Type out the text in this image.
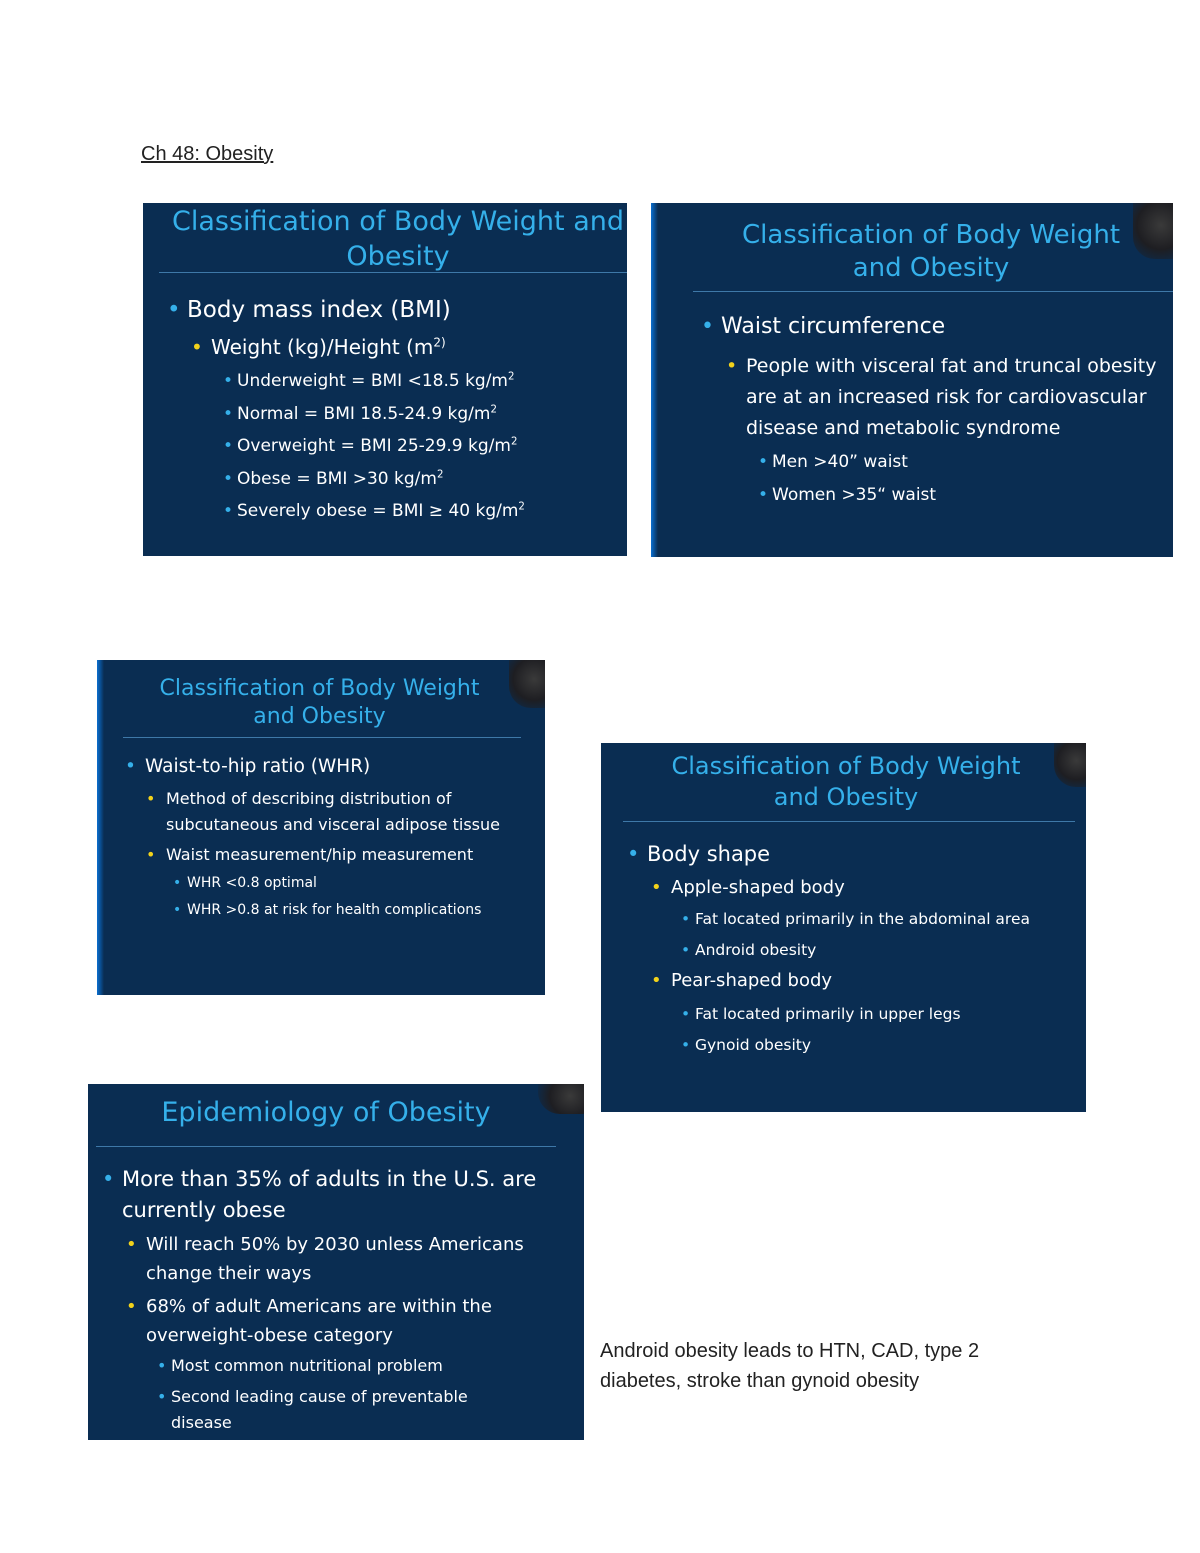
Ch 48: Obesity
Classification of Body Weight and
Obesity
• Body mass index (BMI)
• Weight (kg)/Height ($m^{2)}$
• Underweight = BMI <18.5 $kg/m^2$
• Normal = BMI 18.5-24.9 $kg/m^2$
• Overweight = BMI 25-29.9 $kg/m^2$
• Obese = BMI >30 $kg/m^2$
• Severely obese = BMI ≥ 40 $kg/m^2$
Classification of Body Weight
and Obesity
• Waist circumference
• People with visceral fat and truncal obesity are at an increased risk for cardiovascular disease and metabolic syndrome
• Men >40” waist
• Women >35“ waist
Classification of Body Weight
and Obesity
• Waist-to-hip ratio (WHR)
• Method of describing distribution of subcutaneous and visceral adipose tissue
• Waist measurement/hip measurement
• WHR <0.8 optimal
• WHR >0.8 at risk for health complications
Classification of Body Weight
and Obesity
• Body shape
• Apple-shaped body
• Fat located primarily in the abdominal area
• Android obesity
• Pear-shaped body
• Fat located primarily in upper legs
• Gynoid obesity
Epidemiology of Obesity
• More than 35% of adults in the U.S. are currently obese
• Will reach 50% by 2030 unless Americans change their ways
• 68% of adult Americans are within the overweight-obese category
• Most common nutritional problem
• Second leading cause of preventable disease
Android obesity leads to HTN, CAD, type 2 diabetes, stroke than gynoid obesity
